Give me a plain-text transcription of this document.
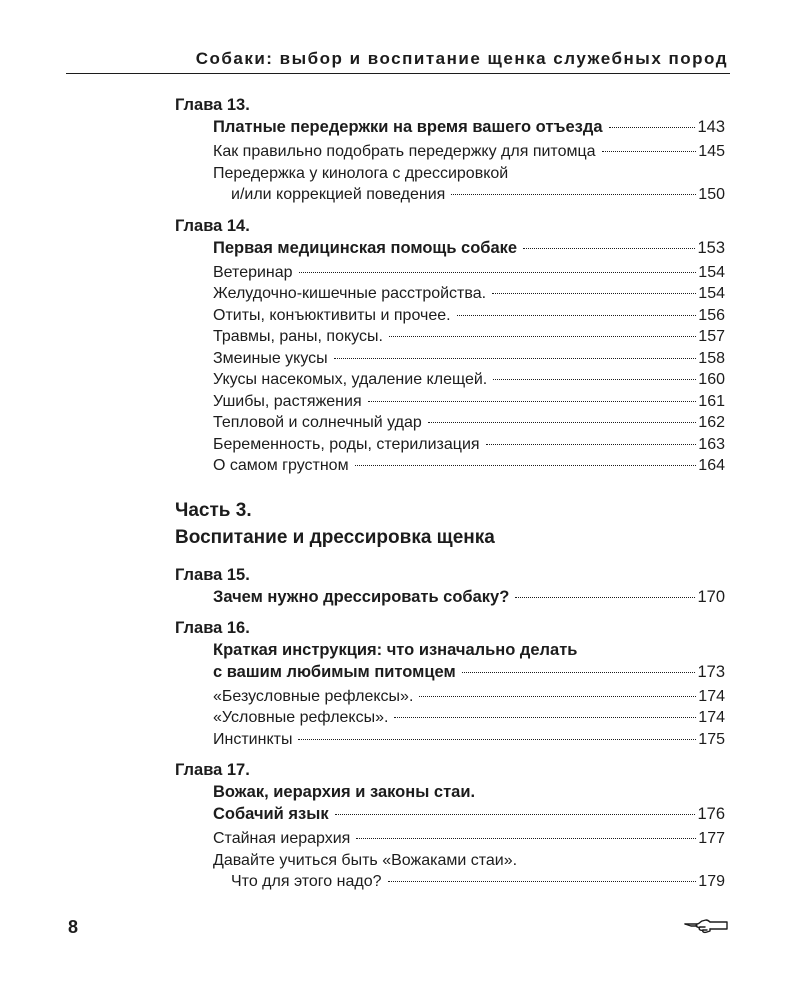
Собаки: выбор и воспитание щенка служебных пород
Глава 13.
Платные передержки на время вашего отъезда	143
Как правильно подобрать передержку для питомца	145
Передержка у кинолога с дрессировкой
и/или коррекцией поведения	150
Глава 14.
Первая медицинская помощь собаке	153
Ветеринар	154
Желудочно-кишечные расстройства.	154
Отиты, конъюктивиты и прочее.	156
Травмы, раны, покусы.	157
Змеиные укусы	158
Укусы насекомых, удаление клещей.	160
Ушибы, растяжения	161
Тепловой и солнечный удар	162
Беременность, роды, стерилизация	163
О самом грустном	164
Часть 3.
Воспитание и дрессировка щенка
Глава 15.
Зачем нужно дрессировать собаку?	170
Глава 16.
Краткая инструкция: что изначально делать
с вашим любимым питомцем	173
«Безусловные рефлексы».	174
«Условные рефлексы».	174
Инстинкты	175
Глава 17.
Вожак, иерархия и законы стаи.
Собачий язык	176
Стайная иерархия	177
Давайте учиться быть «Вожаками стаи».
Что для этого надо?	179
8
